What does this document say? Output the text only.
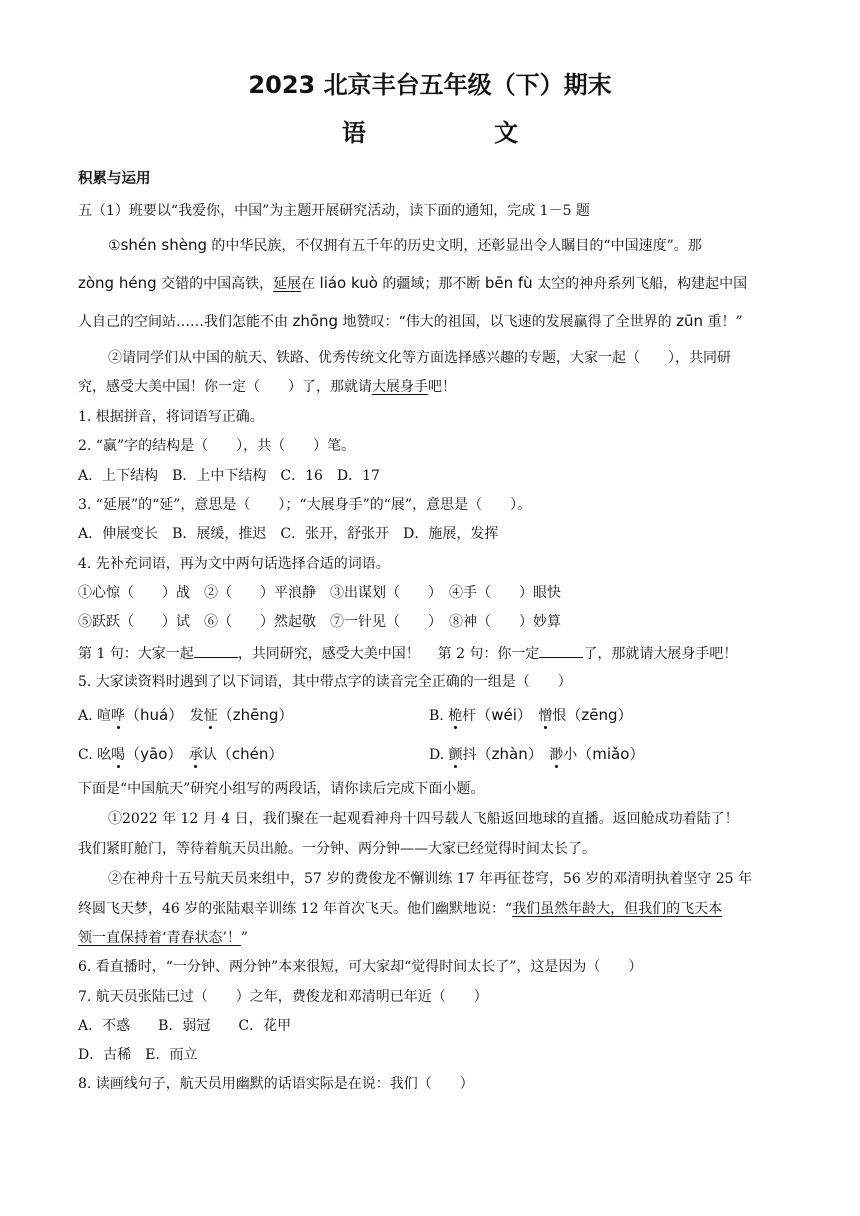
2023 北京丰台五年级（下）期末
语 文
积累与运用
五（1）班要以“我爱你，中国”为主题开展研究活动，读下面的通知，完成 1－5 题
①shén shèng 的中华民族，不仅拥有五千年的历史文明，还彰显出令人瞩目的“中国速度”。那
zòng héng 交错的中国高铁，延展在 liáo kuò 的疆域；那不断 bēn fù 太空的神舟系列飞船，构建起中国
人自己的空间站……我们怎能不由 zhōng 地赞叹：“伟大的祖国，以飞速的发展赢得了全世界的 zūn 重！”
②请同学们从中国的航天、铁路、优秀传统文化等方面选择感兴趣的专题，大家一起（　　），共同研
究，感受大美中国！你一定（　　）了，那就请大展身手吧！
1. 根据拼音，将词语写正确。
2. “赢”字的结构是（　　），共（　　）笔。
A．上下结构　B．上中下结构　C．16　D．17
3. “延展”的“延”，意思是（　　）；“大展身手”的“展”，意思是（　　）。
A．伸展变长　B．展缓，推迟　C．张开，舒张开　D．施展，发挥
4. 先补充词语，再为文中两句话选择合适的词语。
①心惊（　　）战　②（　　）平浪静　③出谋划（　　）　④手（　　）眼快
⑤跃跃（　　）试　⑥（　　）然起敬　⑦一针见（　　）　⑧神（　　）妙算
第 1 句：大家一起	，共同研究，感受大美中国！ 第 2 句：你一定	了，那就请大展身手吧！
5. 大家读资料时遇到了以下词语，其中带点字的读音完全正确的一组是（　　）
A. 喧哗（huá）　发怔（zhēng）	B. 桅杆（wéi）　 憎恨（zēng）
C. 吆喝（yāo）　 承认（chén）	D. 颤抖（zhàn）　 渺小（miǎo）
下面是“中国航天”研究小组写的两段话，请你读后完成下面小题。
①2022 年 12 月 4 日，我们聚在一起观看神舟十四号载人飞船返回地球的直播。返回舱成功着陆了！
我们紧盯舱门，等待着航天员出舱。一分钟、两分钟——大家已经觉得时间太长了。
②在神舟十五号航天员来组中，57 岁的费俊龙不懈训练 17 年再征苍穹，56 岁的邓清明执着坚守 25 年
终圆飞天梦，46 岁的张陆艰辛训练 12 年首次飞天。他们幽默地说：“我们虽然年龄大，但我们的飞天本
领一直保持着‘青春状态’！”
6. 看直播时，“一分钟、两分钟”本来很短，可大家却“觉得时间太长了”，这是因为（　　）
7. 航天员张陆已过（　　）之年，费俊龙和邓清明已年近（　　）
A．不惑　　B．弱冠　　C．花甲
D．古稀　E．而立
8. 读画线句子，航天员用幽默的话语实际是在说：我们（　　）
